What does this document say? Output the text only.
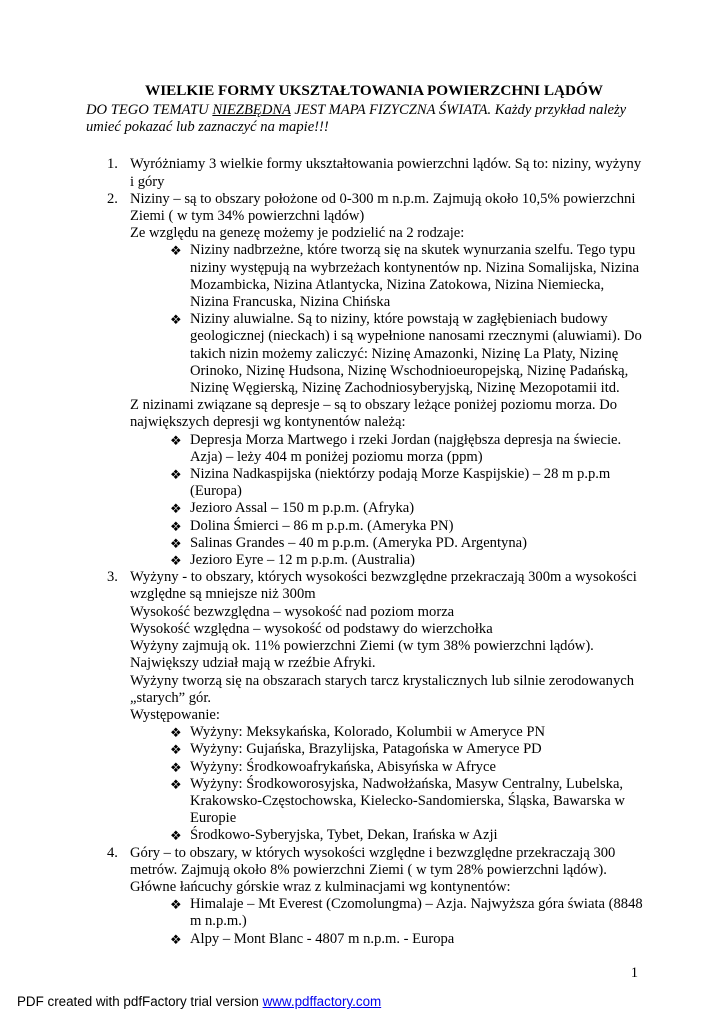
WIELKIE FORMY UKSZTAŁTOWANIA POWIERZCHNI LĄDÓW

DO TEGO TEMATU NIEZBĘDNA JEST MAPA FIZYCZNA ŚWIATA. Każdy przykład należy umieć pokazać lub zaznaczyć na mapie!!!

1. Wyróżniamy 3 wielkie formy ukształtowania powierzchni lądów. Są to: niziny, wyżyny i góry

2. Niziny – są to obszary położone od 0-300 m n.p.m. Zajmują około 10,5% powierzchni Ziemi ( w tym 34% powierzchni lądów)

Ze względu na genezę możemy je podzielić na 2 rodzaje:

❖ Niziny nadbrzeżne, które tworzą się na skutek wynurzania szelfu. Tego typu niziny występują na wybrzeżach kontynentów np. Nizina Somalijska, Nizina Mozambicka, Nizina Atlantycka, Nizina Zatokowa, Nizina Niemiecka, Nizina Francuska, Nizina Chińska
❖ Niziny aluwialne. Są to niziny, które powstają w zagłębieniach budowy geologicznej (nieckach) i są wypełnione nanosami rzecznymi (aluwiami). Do takich nizin możemy zaliczyć: Nizinę Amazonki, Nizinę La Platy, Nizinę Orinoko, Nizinę Hudsona, Nizinę Wschodnioeuropejską, Nizinę Padańską, Nizinę Węgierską, Nizinę Zachodniosyberyjską, Nizinę Mezopotamii itd.

Z nizinami związane są depresje – są to obszary leżące poniżej poziomu morza. Do największych depresji wg kontynentów należą:

❖ Depresja Morza Martwego i rzeki Jordan (najgłębsza depresja na świecie. Azja) – leży 404 m poniżej poziomu morza (ppm)
❖ Nizina Nadkaspijska (niektórzy podają Morze Kaspijskie) – 28 m p.p.m (Europa)
❖ Jezioro Assal – 150 m p.p.m. (Afryka)
❖ Dolina Śmierci – 86 m p.p.m. (Ameryka PN)
❖ Salinas Grandes – 40 m p.p.m. (Ameryka PD. Argentyna)
❖ Jezioro Eyre – 12 m p.p.m. (Australia)
3. Wyżyny - to obszary, których wysokości bezwzględne przekraczają 300m a wysokości względne są mniejsze niż 300m

Wysokość bezwzględna – wysokość nad poziom morza

Wysokość względna – wysokość od podstawy do wierzchołka

Wyżyny zajmują ok. 11% powierzchni Ziemi (w tym 38% powierzchni lądów). Największy udział mają w rzeźbie Afryki.

Wyżyny tworzą się na obszarach starych tarcz krystalicznych lub silnie zerodowanych „starych” gór.

Występowanie:

❖ Wyżyny: Meksykańska, Kolorado, Kolumbii w Ameryce PN
❖ Wyżyny: Gujańska, Brazylijska, Patagońska w Ameryce PD
❖ Wyżyny: Środkowoafrykańska, Abisyńska w Afryce
❖ Wyżyny: Środkoworosyjska, Nadwołżańska, Masyw Centralny, Lubelska, Krakowsko-Częstochowska, Kielecko-Sandomierska, Śląska, Bawarska w Europie
❖ Środkowo-Syberyjska, Tybet, Dekan, Irańska w Azji
4. Góry – to obszary, w których wysokości względne i bezwzględne przekraczają 300 metrów. Zajmują około 8% powierzchni Ziemi ( w tym 28% powierzchni lądów).

Główne łańcuchy górskie wraz z kulminacjami wg kontynentów:

❖ Himalaje – Mt Everest (Czomolungma) – Azja. Najwyższa góra świata (8848 m n.p.m.)
❖ Alpy – Mont Blanc - 4807 m n.p.m. - Europa
1
PDF created with pdfFactory trial version www.pdffactory.com
